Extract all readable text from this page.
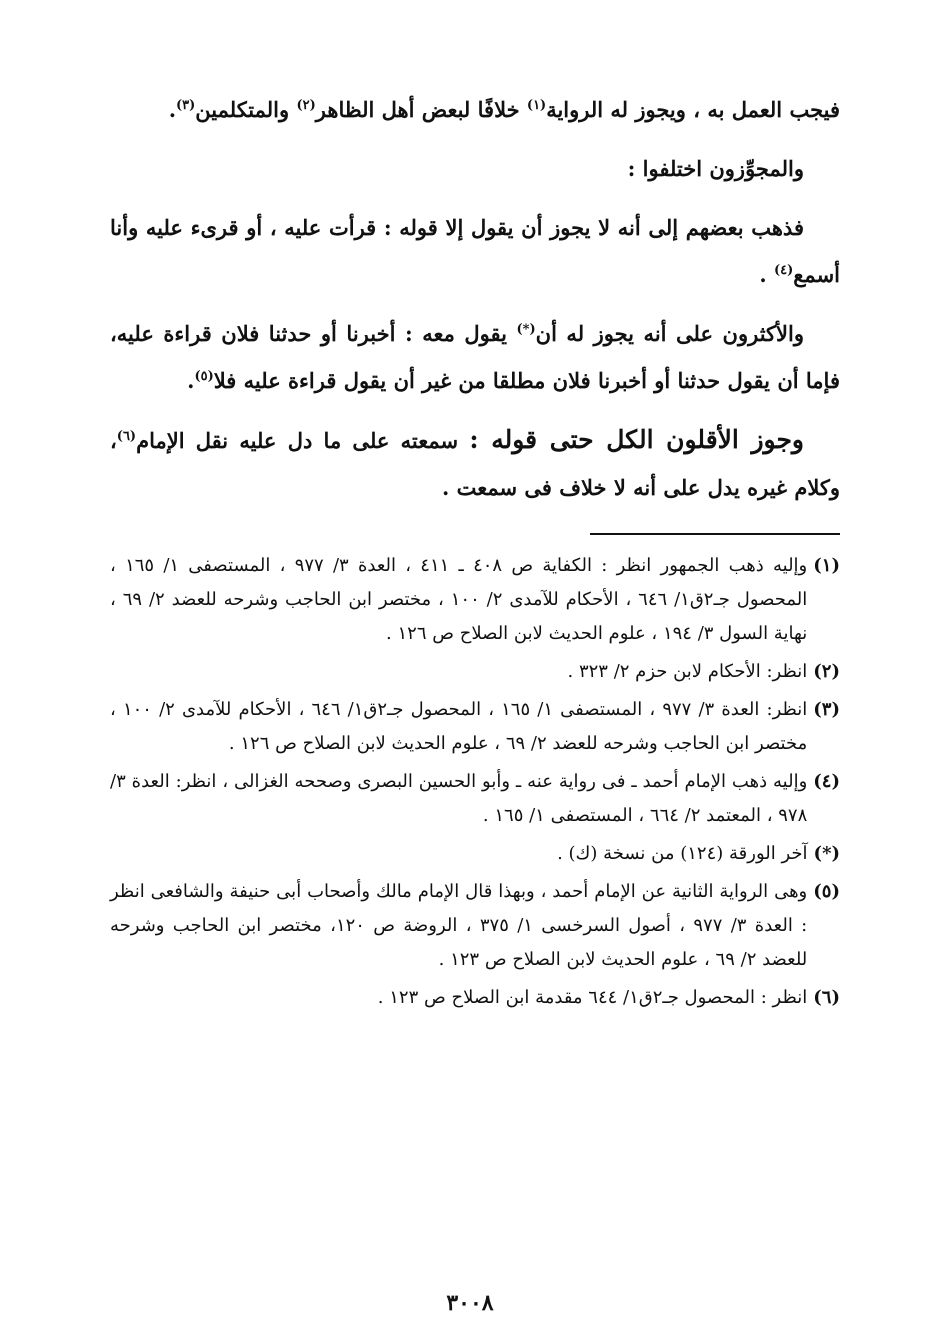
فيجب العمل به ، ويجوز له الرواية$^{(١)}$ خلافًا لبعض أهل الظاهر$^{(٢)}$ والمتكلمين$^{(٣)}$.

والمجوِّزون اختلفوا :

فذهب بعضهم إلى أنه لا يجوز أن يقول إلا قوله : قرأت عليه ، أو قرىء عليه وأنا أسمع$^{(٤)}$ .

والأكثرون على أنه يجوز له أن(*) يقول معه : أخبرنا أو حدثنا فلان قراءة عليه، فإما أن يقول حدثنا أو أخبرنا فلان مطلقا من غير أن يقول قراءة عليه فلا$^{(٥)}$.

وجوز الأقلون الكل حتى قوله : سمعته على ما دل عليه نقل الإمام$^{(٦)}$، وكلام غيره يدل على أنه لا خلاف فى سمعت .

(١)
وإليه ذهب الجمهور انظر : الكفاية ص ٤٠٨ ـ ٤١١ ، العدة ٣/ ٩٧٧ ، المستصفى ١/ ١٦٥ ، المحصول جـ٢ق١/ ٦٤٦ ، الأحكام للآمدى ٢/ ١٠٠ ، مختصر ابن الحاجب وشرحه للعضد ٢/ ٦٩ ، نهاية السول ٣/ ١٩٤ ، علوم الحديث لابن الصلاح ص ١٢٦ .
(٢)
انظر: الأحكام لابن حزم ٢/ ٣٢٣ .
(٣)
انظر: العدة ٣/ ٩٧٧ ، المستصفى ١/ ١٦٥ ، المحصول جـ٢ق١/ ٦٤٦ ، الأحكام للآمدى ٢/ ١٠٠ ، مختصر ابن الحاجب وشرحه للعضد ٢/ ٦٩ ، علوم الحديث لابن الصلاح ص ١٢٦ .
(٤)
وإليه ذهب الإمام أحمد ـ فى رواية عنه ـ وأبو الحسين البصرى وصححه الغزالى ، انظر: العدة ٣/ ٩٧٨ ، المعتمد ٢/ ٦٦٤ ، المستصفى ١/ ١٦٥ .
(*)
آخر الورقة (١٢٤) من نسخة (ك) .
(٥)
وهى الرواية الثانية عن الإمام أحمد ، وبهذا قال الإمام مالك وأصحاب أبى حنيفة والشافعى انظر : العدة ٣/ ٩٧٧ ، أصول السرخسى ١/ ٣٧٥ ، الروضة ص ١٢٠، مختصر ابن الحاجب وشرحه للعضد ٢/ ٦٩ ، علوم الحديث لابن الصلاح ص ١٢٣ .
(٦)
انظر : المحصول جـ٢ق١/ ٦٤٤ مقدمة ابن الصلاح ص ١٢٣ .
٣٠٠٨
